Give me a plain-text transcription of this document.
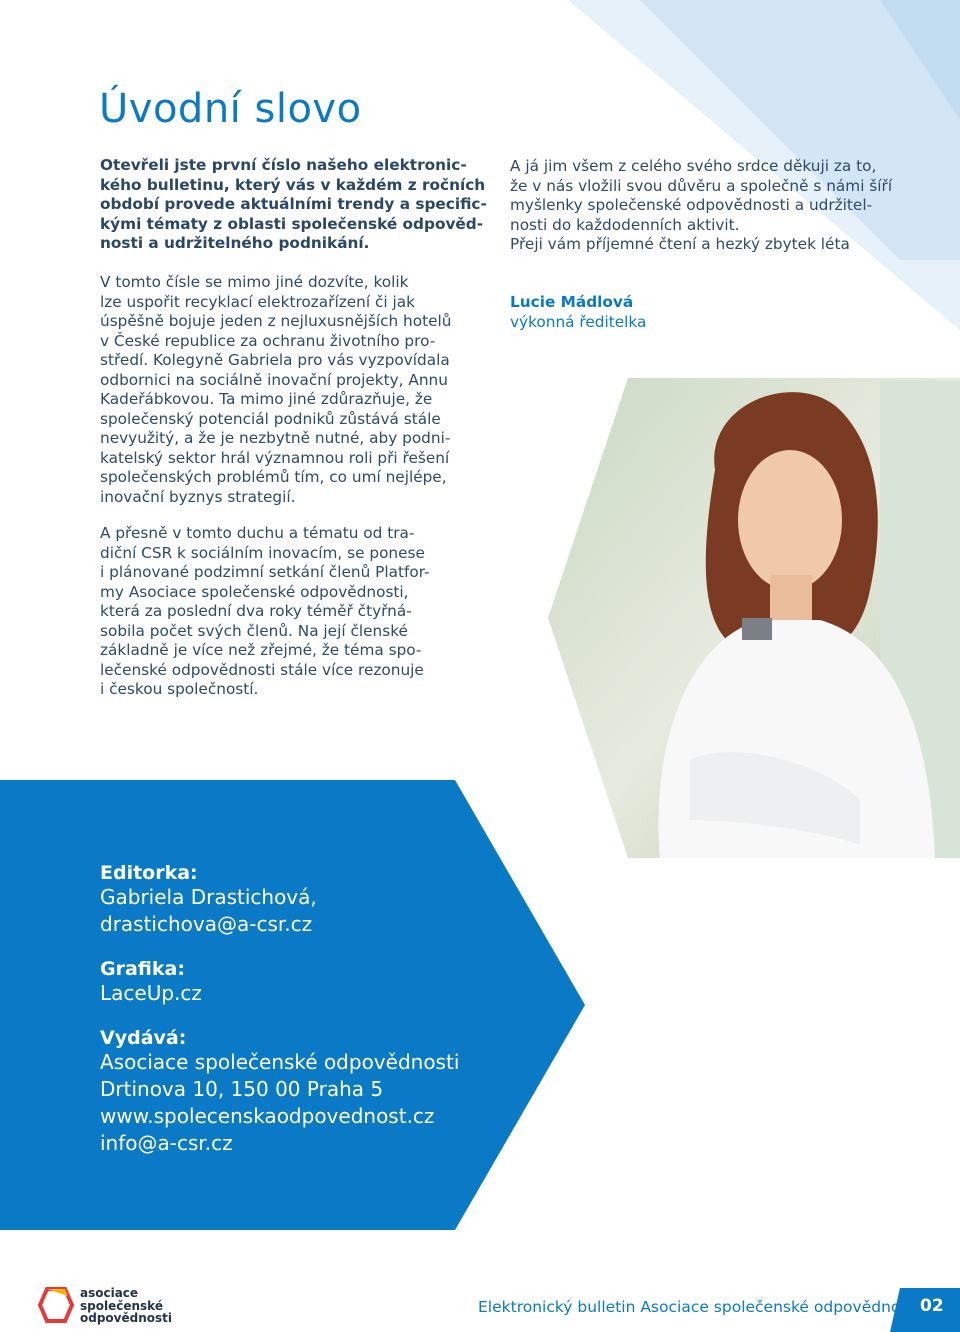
Úvodní slovo

Otevřeli jste první číslo našeho elektronic-
kého bulletinu, který vás v každém z ročních
období provede aktuálními trendy a specific-
kými tématy z oblasti společenské odpověd-
nosti a udržitelného podnikání.

V tomto čísle se mimo jiné dozvíte, kolik
lze uspořit recyklací elektrozařízení či jak
úspěšně bojuje jeden z nejluxusnějších hotelů
v České republice za ochranu životního pro-
středí. Kolegyně Gabriela pro vás vyzpovídala
odbornici na sociálně inovační projekty, Annu
Kadeřábkovou. Ta mimo jiné zdůrazňuje, že
společenský potenciál podniků zůstává stále
nevyužitý, a že je nezbytně nutné, aby podni-
katelský sektor hrál významnou roli při řešení
společenských problémů tím, co umí nejlépe,
inovační byznys strategií.

A přesně v tomto duchu a tématu od tra-
diční CSR k sociálním inovacím, se ponese
i plánované podzimní setkání členů Platfor-
my Asociace společenské odpovědnosti,
která za poslední dva roky téměř čtyřná-
sobila počet svých členů. Na její členské
základně je více než zřejmé, že téma spo-
lečenské odpovědnosti stále více rezonuje
i českou společností.

A já jim všem z celého svého srdce děkuji za to,
že v nás vložili svou důvěru a společně s námi šíří
myšlenky společenské odpovědnosti a udržitel-
nosti do každodenních aktivit.
Přeji vám příjemné čtení a hezký zbytek léta

Lucie Mádlová

výkonná ředitelka

Editorka:
Gabriela Drastichová,
drastichova@a-csr.cz
Grafika:
LaceUp.cz
Vydává:
Asociace společenské odpovědnosti
Drtinova 10, 150 00 Praha 5
www.spolecenskaodpovednost.cz
info@a-csr.cz

asociace
společenské
odpovědnosti

Elektronický bulletin Asociace společenské odpovědnosti 02
